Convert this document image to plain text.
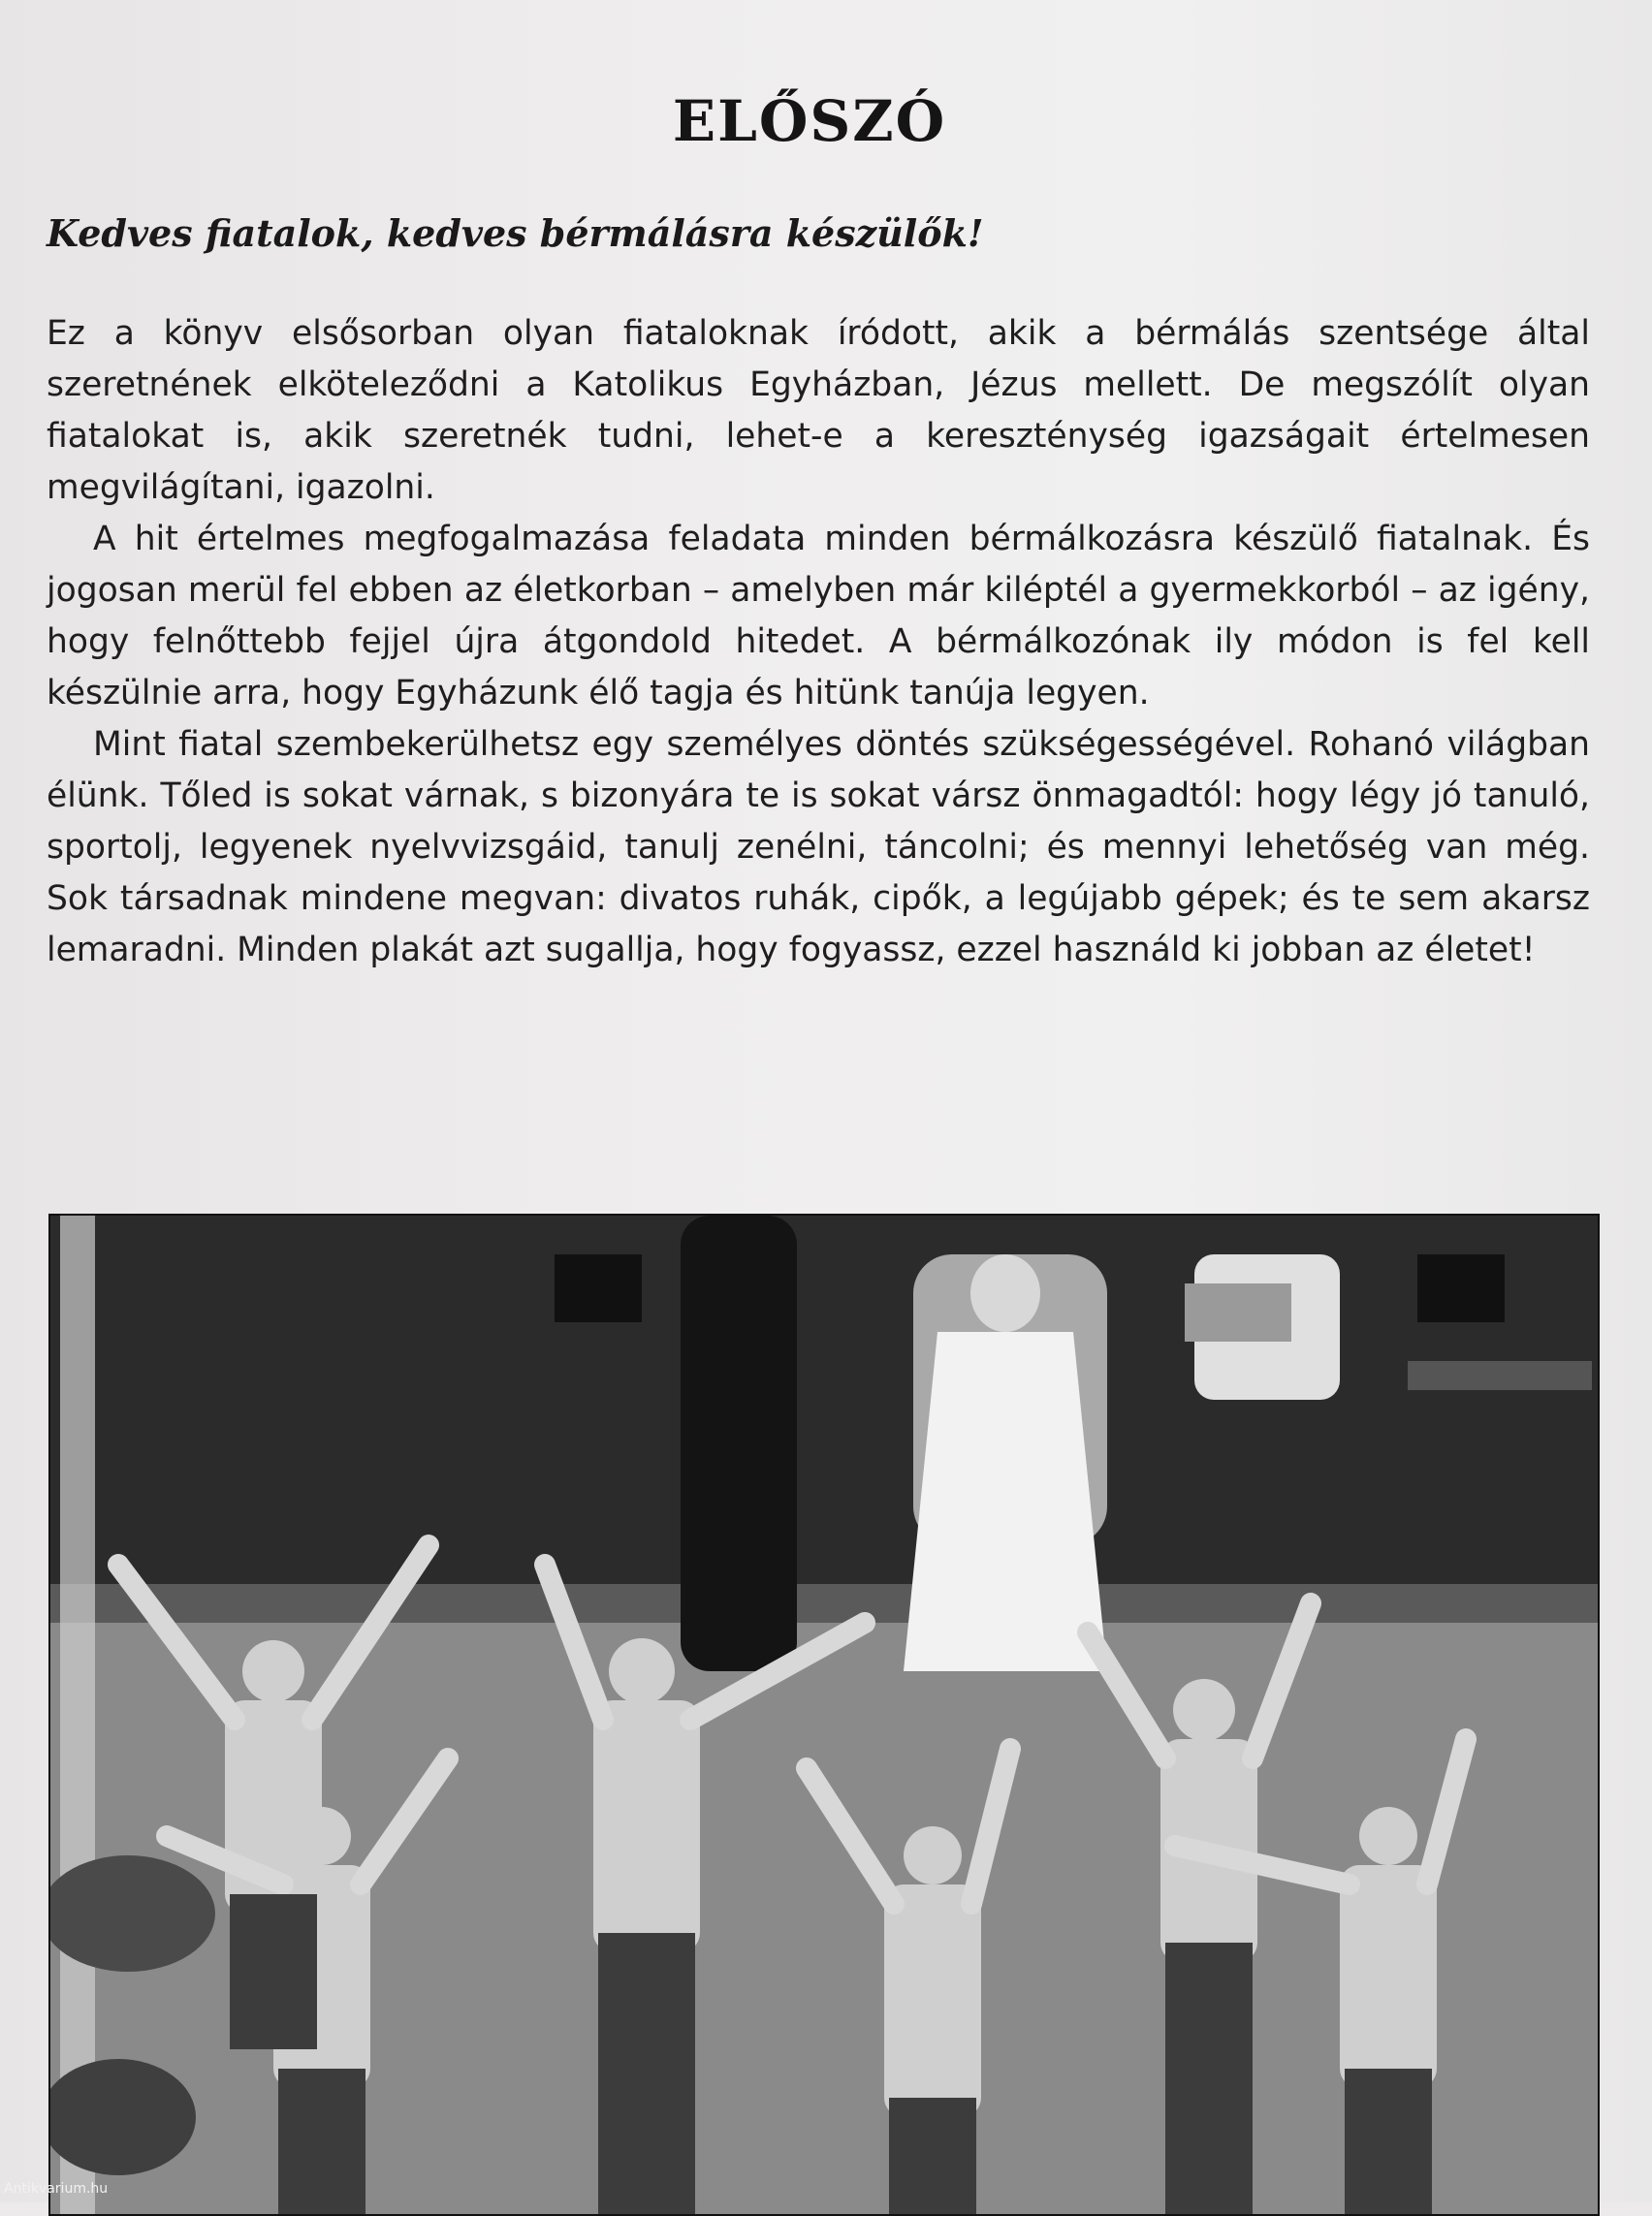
ELŐSZÓ
Kedves fiatalok, kedves bérmálásra készülők!

Ez a könyv elsősorban olyan fiataloknak íródott, akik a bérmálás szentsége által szeretnének elköteleződni a Katolikus Egyházban, Jézus mellett. De megszólít olyan fiatalokat is, akik szeretnék tudni, lehet-e a kereszténység igazságait értelmesen megvilágítani, igazolni.

A hit értelmes megfogalmazása feladata minden bérmálkozásra készülő fiatalnak. És jogosan merül fel ebben az életkorban – amelyben már kiléptél a gyermekkorból – az igény, hogy felnőttebb fejjel újra átgondold hitedet. A bérmálkozónak ily módon is fel kell készülnie arra, hogy Egyházunk élő tagja és hitünk tanúja legyen.

Mint fiatal szembekerülhetsz egy személyes döntés szükségességével. Rohanó világban élünk. Tőled is sokat várnak, s bizonyára te is sokat vársz önmagadtól: hogy légy jó tanuló, sportolj, legyenek nyelvvizsgáid, tanulj zenélni, táncolni; és mennyi lehetőség van még. Sok társadnak mindene megvan: divatos ruhák, cipők, a legújabb gépek; és te sem akarsz lemaradni. Minden plakát azt sugallja, hogy fogyassz, ezzel használd ki jobban az életet!

Antikvarium.hu
